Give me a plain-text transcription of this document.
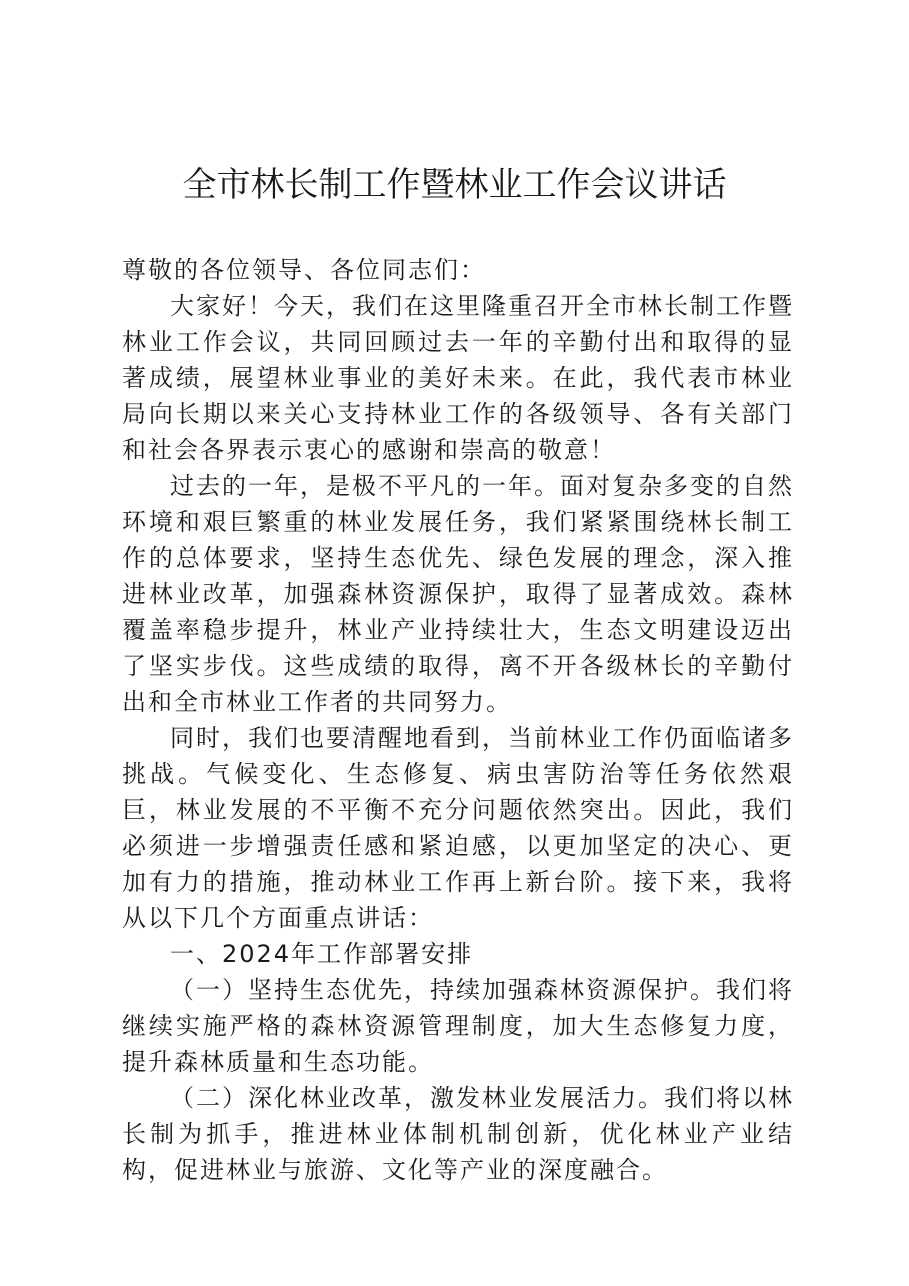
全市林长制工作暨林业工作会议讲话

尊敬的各位领导、各位同志们：

大家好！今天，我们在这里隆重召开全市林长制工作暨林业工作会议，共同回顾过去一年的辛勤付出和取得的显著成绩，展望林业事业的美好未来。在此，我代表市林业局向长期以来关心支持林业工作的各级领导、各有关部门和社会各界表示衷心的感谢和崇高的敬意！

过去的一年，是极不平凡的一年。面对复杂多变的自然环境和艰巨繁重的林业发展任务，我们紧紧围绕林长制工作的总体要求，坚持生态优先、绿色发展的理念，深入推进林业改革，加强森林资源保护，取得了显著成效。森林覆盖率稳步提升，林业产业持续壮大，生态文明建设迈出了坚实步伐。这些成绩的取得，离不开各级林长的辛勤付出和全市林业工作者的共同努力。

同时，我们也要清醒地看到，当前林业工作仍面临诸多挑战。气候变化、生态修复、病虫害防治等任务依然艰巨，林业发展的不平衡不充分问题依然突出。因此，我们必须进一步增强责任感和紧迫感，以更加坚定的决心、更加有力的措施，推动林业工作再上新台阶。接下来，我将从以下几个方面重点讲话：

一、2024年工作部署安排

（一）坚持生态优先，持续加强森林资源保护。我们将继续实施严格的森林资源管理制度，加大生态修复力度，提升森林质量和生态功能。

（二）深化林业改革，激发林业发展活力。我们将以林长制为抓手，推进林业体制机制创新，优化林业产业结构，促进林业与旅游、文化等产业的深度融合。
